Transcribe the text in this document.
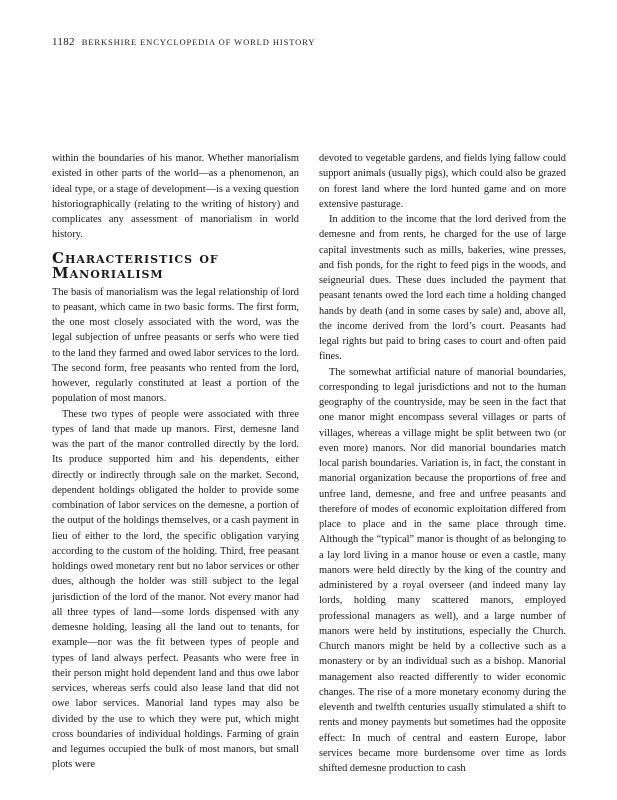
1182 BERKSHIRE ENCYCLOPEDIA OF WORLD HISTORY

within the boundaries of his manor. Whether manorialism existed in other parts of the world—as a phenomenon, an ideal type, or a stage of development—is a vexing question historiographically (relating to the writing of history) and complicates any assessment of manorialism in world history.

Characteristics of Manorialism

The basis of manorialism was the legal relationship of lord to peasant, which came in two basic forms. The first form, the one most closely associated with the word, was the legal subjection of unfree peasants or serfs who were tied to the land they farmed and owed labor services to the lord. The second form, free peasants who rented from the lord, however, regularly constituted at least a portion of the population of most manors.

These two types of people were associated with three types of land that made up manors. First, demesne land was the part of the manor controlled directly by the lord. Its produce supported him and his dependents, either directly or indirectly through sale on the market. Second, dependent holdings obligated the holder to provide some combination of labor services on the demesne, a portion of the output of the holdings themselves, or a cash payment in lieu of either to the lord, the specific obligation varying according to the custom of the holding. Third, free peasant holdings owed monetary rent but no labor services or other dues, although the holder was still subject to the legal jurisdiction of the lord of the manor. Not every manor had all three types of land—some lords dispensed with any demesne holding, leasing all the land out to tenants, for example—nor was the fit between types of people and types of land always perfect. Peasants who were free in their person might hold dependent land and thus owe labor services, whereas serfs could also lease land that did not owe labor services. Manorial land types may also be divided by the use to which they were put, which might cross boundaries of individual holdings. Farming of grain and legumes occupied the bulk of most manors, but small plots were

devoted to vegetable gardens, and fields lying fallow could support animals (usually pigs), which could also be grazed on forest land where the lord hunted game and on more extensive pasturage.

In addition to the income that the lord derived from the demesne and from rents, he charged for the use of large capital investments such as mills, bakeries, wine presses, and fish ponds, for the right to feed pigs in the woods, and seigneurial dues. These dues included the payment that peasant tenants owed the lord each time a holding changed hands by death (and in some cases by sale) and, above all, the income derived from the lord’s court. Peasants had legal rights but paid to bring cases to court and often paid fines.

The somewhat artificial nature of manorial boundaries, corresponding to legal jurisdictions and not to the human geography of the countryside, may be seen in the fact that one manor might encompass several villages or parts of villages, whereas a village might be split between two (or even more) manors. Nor did manorial boundaries match local parish boundaries. Variation is, in fact, the constant in manorial organization because the proportions of free and unfree land, demesne, and free and unfree peasants and therefore of modes of economic exploitation differed from place to place and in the same place through time. Although the “typical” manor is thought of as belonging to a lay lord living in a manor house or even a castle, many manors were held directly by the king of the country and administered by a royal overseer (and indeed many lay lords, holding many scattered manors, employed professional managers as well), and a large number of manors were held by institutions, especially the Church. Church manors might be held by a collective such as a monastery or by an individual such as a bishop. Manorial management also reacted differently to wider economic changes. The rise of a more monetary economy during the eleventh and twelfth centuries usually stimulated a shift to rents and money payments but sometimes had the opposite effect: In much of central and eastern Europe, labor services became more burdensome over time as lords shifted demesne production to cash
